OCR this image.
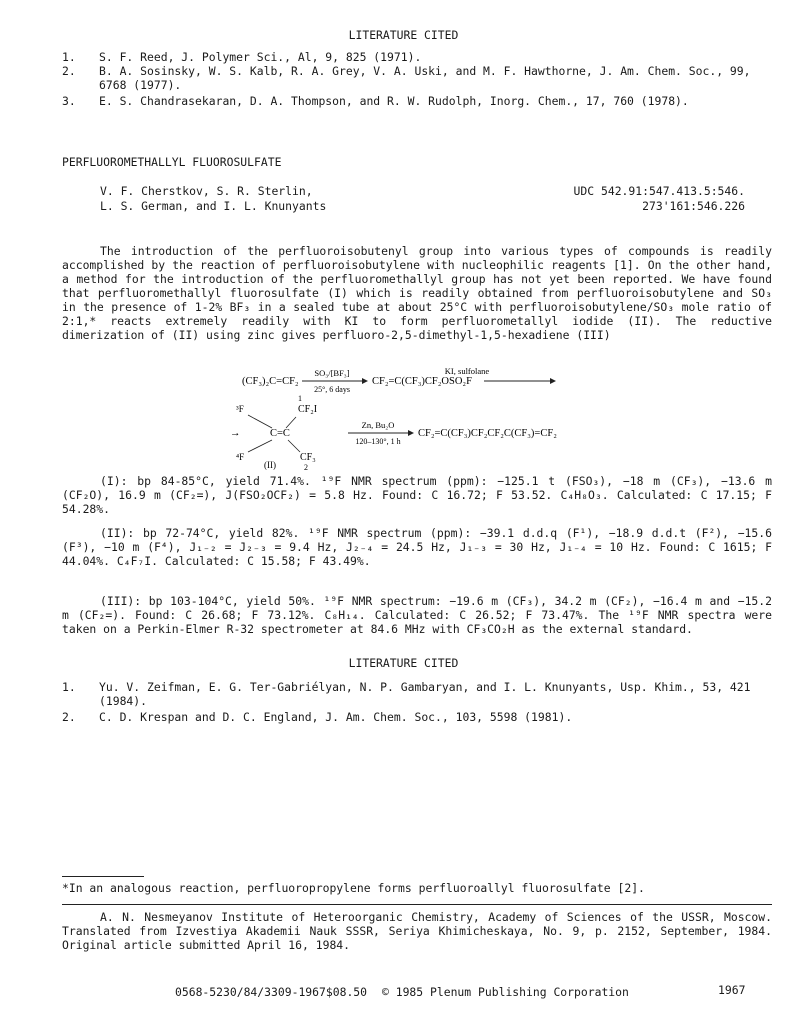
LITERATURE CITED
1. S. F. Reed, J. Polymer Sci., Al, 9, 825 (1971).
2. B. A. Sosinsky, W. S. Kalb, R. A. Grey, V. A. Uski, and M. F. Hawthorne, J. Am. Chem. Soc., 99, 6768 (1977).
3. E. S. Chandrasekaran, D. A. Thompson, and R. W. Rudolph, Inorg. Chem., 17, 760 (1978).
PERFLUOROMETHALLYL FLUOROSULFATE
V. F. Cherstkov, S. R. Sterlin,
L. S. German, and I. L. Knunyants
UDC 542.91:547.413.5:546.
273'161:546.226
The introduction of the perfluoroisobutenyl group into various types of compounds is readily accomplished by the reaction of perfluoroisobutylene with nucleophilic reagents [1]. On the other hand, a method for the introduction of the perfluoromethallyl group has not yet been reported. We have found that perfluoromethallyl fluorosulfate (I) which is readily obtained from perfluoroisobutylene and SO₃ in the presence of 1-2% BF₃ in a sealed tube at about 25°C with perfluoroisobutylene/SO₃ mole ratio of 2:1,* reacts extremely readily with KI to form perfluorometallyl iodide (II). The reductive dimerization of (II) using zinc gives perfluoro-2,5-dimethyl-1,5-hexadiene (III)
(CF₃)₂C=CF₂
SO₃/[BF₃]
25°, 6 days
CF₂=C(CF₃)CF₂OSO₂F
KI, sulfolane
1
CF₂I
³F
→	C=C
Zn, Bu₂O
120–130°, 1 h
CF₂=C(CF₃)CF₂CF₂C(CF₃)=CF₂
⁴F	CF₃
(II)	2
(I): bp 84-85°C, yield 71.4%. ¹⁹F NMR spectrum (ppm): −125.1 t (FSO₃), −18 m (CF₃), −13.6 m (CF₂O), 16.9 m (CF₂=), J(FSO₂OCF₂) = 5.8 Hz. Found: C 16.72; F 53.52. C₄H₈O₃. Calculated: C 17.15; F 54.28%.
(II): bp 72-74°C, yield 82%. ¹⁹F NMR spectrum (ppm): −39.1 d.d.q (F¹), −18.9 d.d.t (F²), −15.6 (F³), −10 m (F⁴), J₁₋₂ = J₂₋₃ = 9.4 Hz, J₂₋₄ = 24.5 Hz, J₁₋₃ = 30 Hz, J₁₋₄ = 10 Hz. Found: C 1615; F 44.04%. C₄F₇I. Calculated: C 15.58; F 43.49%.
(III): bp 103-104°C, yield 50%. ¹⁹F NMR spectrum: −19.6 m (CF₃), 34.2 m (CF₂), −16.4 m and −15.2 m (CF₂=). Found: C 26.68; F 73.12%. C₈H₁₄. Calculated: C 26.52; F 73.47%. The ¹⁹F NMR spectra were taken on a Perkin-Elmer R-32 spectrometer at 84.6 MHz with CF₃CO₂H as the external standard.
LITERATURE CITED
1. Yu. V. Zeifman, E. G. Ter-Gabriélyan, N. P. Gambaryan, and I. L. Knunyants, Usp. Khim., 53, 421 (1984).
2. C. D. Krespan and D. C. England, J. Am. Chem. Soc., 103, 5598 (1981).
*In an analogous reaction, perfluoropropylene forms perfluoroallyl fluorosulfate [2].
A. N. Nesmeyanov Institute of Heteroorganic Chemistry, Academy of Sciences of the USSR, Moscow. Translated from Izvestiya Akademii Nauk SSSR, Seriya Khimicheskaya, No. 9, p. 2152, September, 1984. Original article submitted April 16, 1984.
0568-5230/84/3309-1967$08.50 © 1985 Plenum Publishing Corporation	1967
